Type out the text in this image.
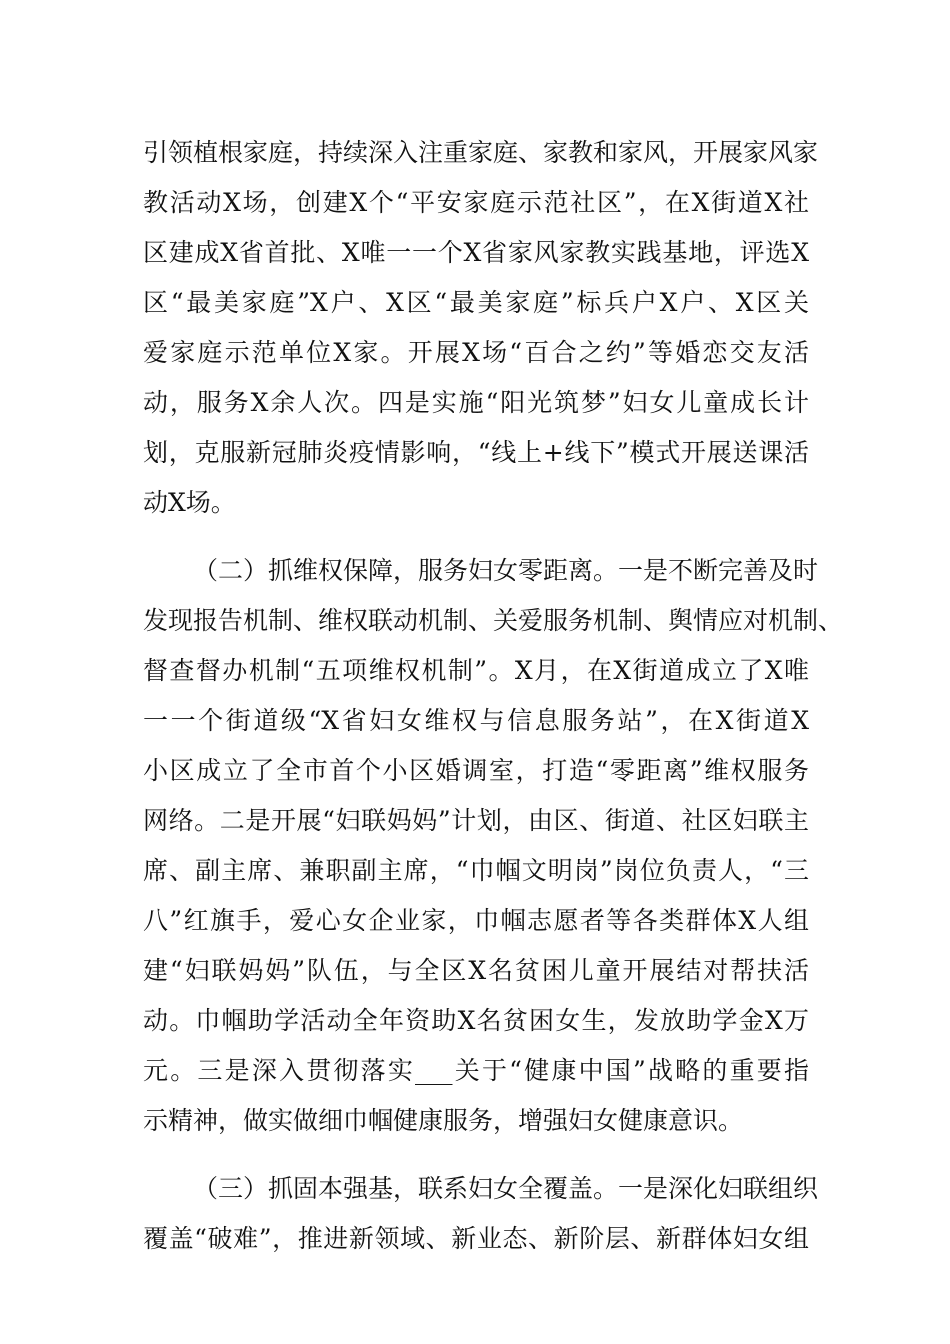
引领植根家庭，持续深入注重家庭、家教和家风，开展家风家
教活动X场，创建X个“平安家庭示范社区”，在X街道X社
区建成X省首批、X唯一一个X省家风家教实践基地，评选X
区“最美家庭”X户、X区“最美家庭”标兵户X户、X区关
爱家庭示范单位X家。开展X场“百合之约”等婚恋交友活
动，服务X余人次。四是实施“阳光筑梦”妇女儿童成长计
划，克服新冠肺炎疫情影响，“线上+线下”模式开展送课活
动X场。
（二）抓维权保障，服务妇女零距离。一是不断完善及时
发现报告机制、维权联动机制、关爱服务机制、舆情应对机制、
督查督办机制“五项维权机制”。X月，在X街道成立了X唯
一一个街道级“X省妇女维权与信息服务站”，在X街道X
小区成立了全市首个小区婚调室，打造“零距离”维权服务
网络。二是开展“妇联妈妈”计划，由区、街道、社区妇联主
席、副主席、兼职副主席，“巾帼文明岗”岗位负责人，“三
八”红旗手，爱心女企业家，巾帼志愿者等各类群体X人组
建“妇联妈妈”队伍，与全区X名贫困儿童开展结对帮扶活
动。巾帼助学活动全年资助X名贫困女生，发放助学金X万
元。三是深入贯彻落实___关于“健康中国”战略的重要指
示精神，做实做细巾帼健康服务，增强妇女健康意识。
（三）抓固本强基，联系妇女全覆盖。一是深化妇联组织
覆盖“破难”，推进新领域、新业态、新阶层、新群体妇女组
